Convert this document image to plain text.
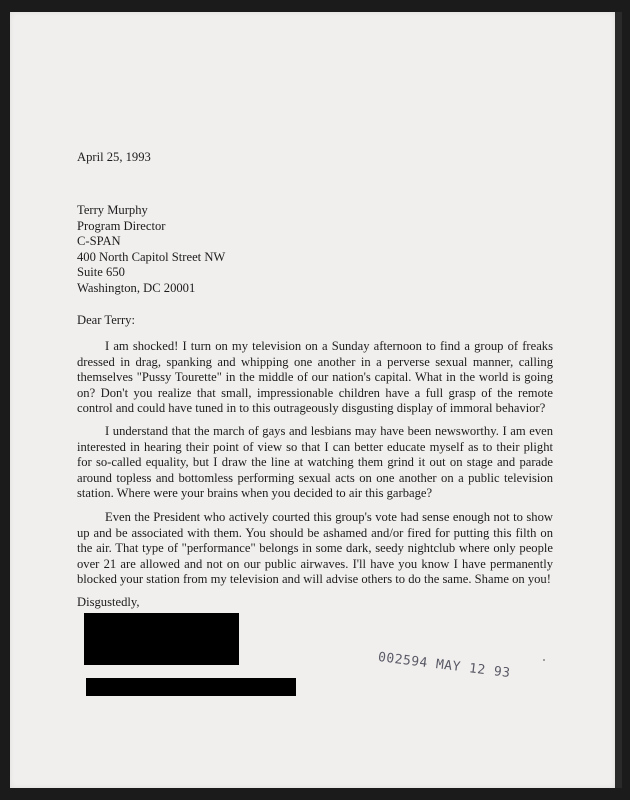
April 25, 1993
Terry Murphy
Program Director
C-SPAN
400 North Capitol Street NW
Suite 650
Washington, DC 20001
Dear Terry:

I am shocked! I turn on my television on a Sunday afternoon to find a group of freaks dressed in drag, spanking and whipping one another in a perverse sexual manner, calling themselves "Pussy Tourette" in the middle of our nation's capital. What in the world is going on? Don't you realize that small, impressionable children have a full grasp of the remote control and could have tuned in to this outrageously disgusting display of immoral behavior?

I understand that the march of gays and lesbians may have been newsworthy. I am even interested in hearing their point of view so that I can better educate myself as to their plight for so-called equality, but I draw the line at watching them grind it out on stage and parade around topless and bottomless performing sexual acts on one another on a public television station. Where were your brains when you decided to air this garbage?

Even the President who actively courted this group's vote had sense enough not to show up and be associated with them. You should be ashamed and/or fired for putting this filth on the air. That type of "performance" belongs in some dark, seedy nightclub where only people over 21 are allowed and not on our public airwaves. I'll have you know I have permanently blocked your station from my television and will advise others to do the same. Shame on you!

Disgustedly,
002594 MAY 12 93
